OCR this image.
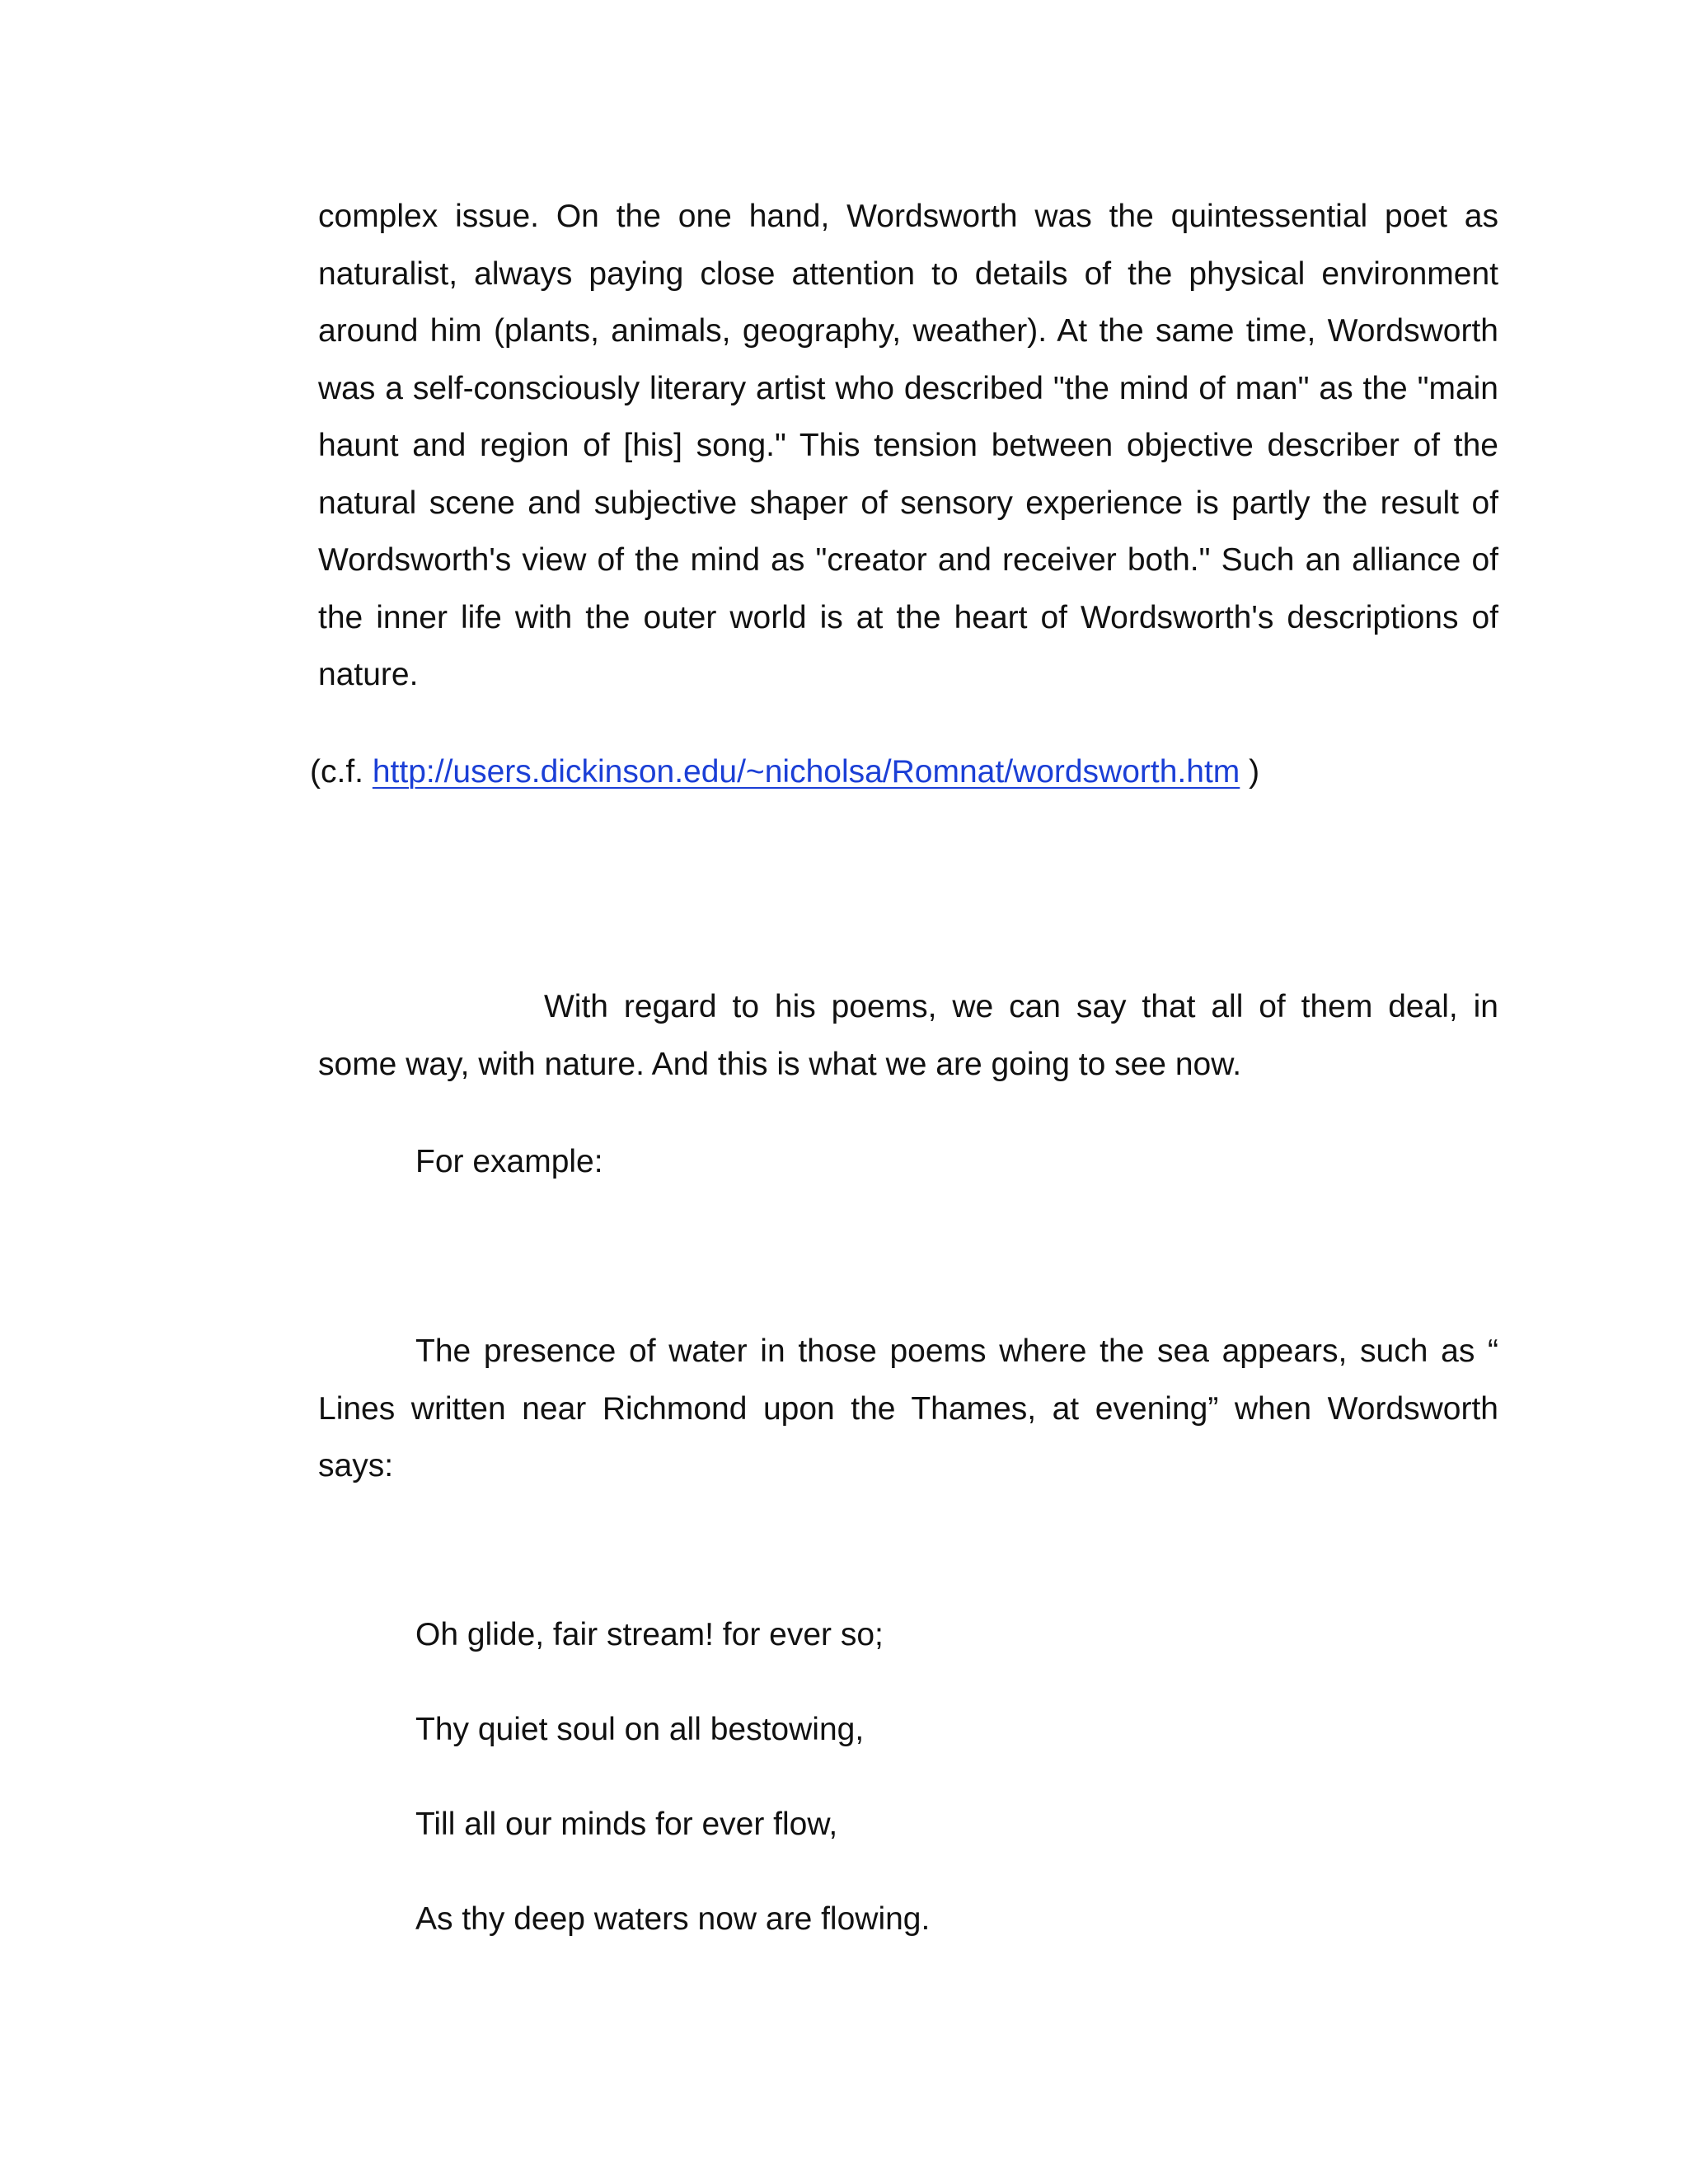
complex issue. On the one hand, Wordsworth was the quintessential poet as naturalist, always paying close attention to details of the physical environment around him (plants, animals, geography, weather). At the same time, Wordsworth was a self-consciously literary artist who described "the mind of man" as the "main haunt and region of [his] song." This tension between objective describer of the natural scene and subjective shaper of sensory experience is partly the result of Wordsworth's view of the mind as "creator and receiver both." Such an alliance of the inner life with the outer world is at the heart of Wordsworth's descriptions of nature.

(c.f. http://users.dickinson.edu/~nicholsa/Romnat/wordsworth.htm )

With regard to his poems, we can say that all of them deal, in some way, with nature. And this is what we are going to see now.

For example:

The presence of water in those poems where the sea appears, such as “ Lines written near Richmond upon the Thames, at evening” when Wordsworth says:

Oh glide, fair stream! for ever so;
Thy quiet soul on all bestowing,
Till all our minds for ever flow,
As thy deep waters now are flowing.
